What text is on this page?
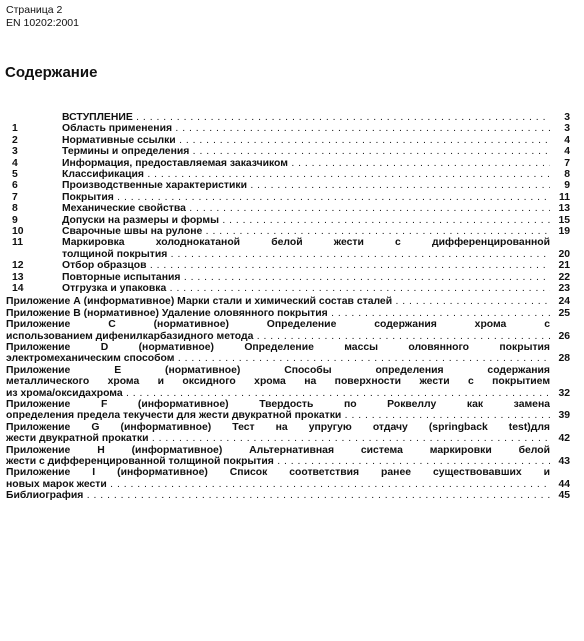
Страница 2
EN 10202:2001
Содержание
ВСТУПЛЕНИЕ . . .	3
1	Область применения . . .	3
2	Нормативные ссылки . . .	4
3	Термины и определения . . .	4
4	Информация, предоставляемая заказчиком . . .	7
5	Классификация . . .	8
6	Производственные характеристики . . .	9
7	Покрытия . . .	11
8	Механические свойства . . .	13
9	Допуски на размеры и формы . . .	15
10	Сварочные швы на рулоне . . .	19
11	Маркировка холоднокатаной белой жести с дифференцированной
толщиной покрытия . . .	20
12	Отбор образцов . . .	21
13	Повторные испытания . . .	22
14	Отгрузка и упаковка . . .	23
Приложение А (информативное) Марки стали и химический состав сталей . . .	24
Приложение В (нормативное) Удаление оловянного покрытия . . .	25
Приложение С (нормативное) Определение содержания хрома с
использованием дифенилкарбазидного метода . . .	26
Приложение D (нормативное) Определение массы оловянного покрытия
электромеханическим способом . . .	28
Приложение Е (нормативное) Способы определения содержания
металлического хрома и оксидного хрома на поверхности жести с покрытием
из хрома/оксидахрома . . .	32
Приложение F (информативное) Твердость по Роквеллу как замена
определения предела текучести для жести двукратной прокатки . . .	39
Приложение G (информативное) Тест на упругую отдачу (springback test)для
жести двукратной прокатки . . .	42
Приложение Н (информативное) Альтернативная система маркировки белой
жести с дифференцированной толщиной покрытия . . .	43
Приложение I (информативное) Список соответствия ранее существовавших и
новых марок жести . . .	44
Библиография . . .	45
